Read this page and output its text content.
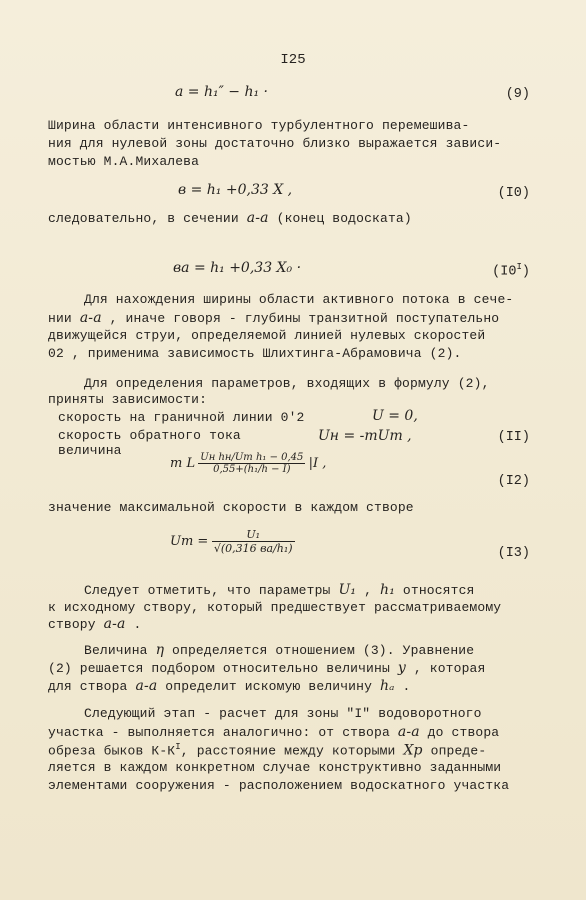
I25
a = h₁″ − h₁ ·	(9)
Ширина области интенсивного турбулентного перемешива-
ния для нулевой зоны достаточно близко выражается зависи-
мостью М.А.Михалева
в = h₁ +0,33 X ,	(I0)
следовательно, в сечении a-a (конец водоската)
вa = h₁ +0,33 X₀ ·	$(I0^I)$
Для нахождения ширины области активного потока в сече-
нии a-a , иначе говоря - глубины транзитной поступательно
движущейся струи, определяемой линией нулевых скоростей
02 , применима зависимость Шлихтинга-Абрамовича (2).
Для определения параметров, входящих в формулу (2),
приняты зависимости:
скорость на граничной линии 0'2	U = 0,
скорость обратного тока
величина
Uн = -mUm ,	(II)
m L $\frac{\text{Uн hн/Um h₁ − 0,45}}{\text{0,55+(h₁/h − I)}} |I$ ,
(I2)
значение максимальной скорости в каждом створе
$Um = \frac{\text{U₁}}{\text{√(0,316 вa/h₁)}}$	(I3)
Следует отметить, что параметры U₁ , h₁ относятся
к исходному створу, который предшествует рассматриваемому
створу a-a .
Величина η определяется отношением (3). Уравнение
(2) решается подбором относительно величины y , которая
для створа a-a определит искомую величину hₐ .
Следующий этап - расчет для зоны "I" водоворотного
участка - выполняется аналогично: от створа a-a до створа
обреза быков $К-К^I$, расстояние между которыми Xp опреде-
ляется в каждом конкретном случае конструктивно заданными
элементами сооружения - расположением водоскатного участка
